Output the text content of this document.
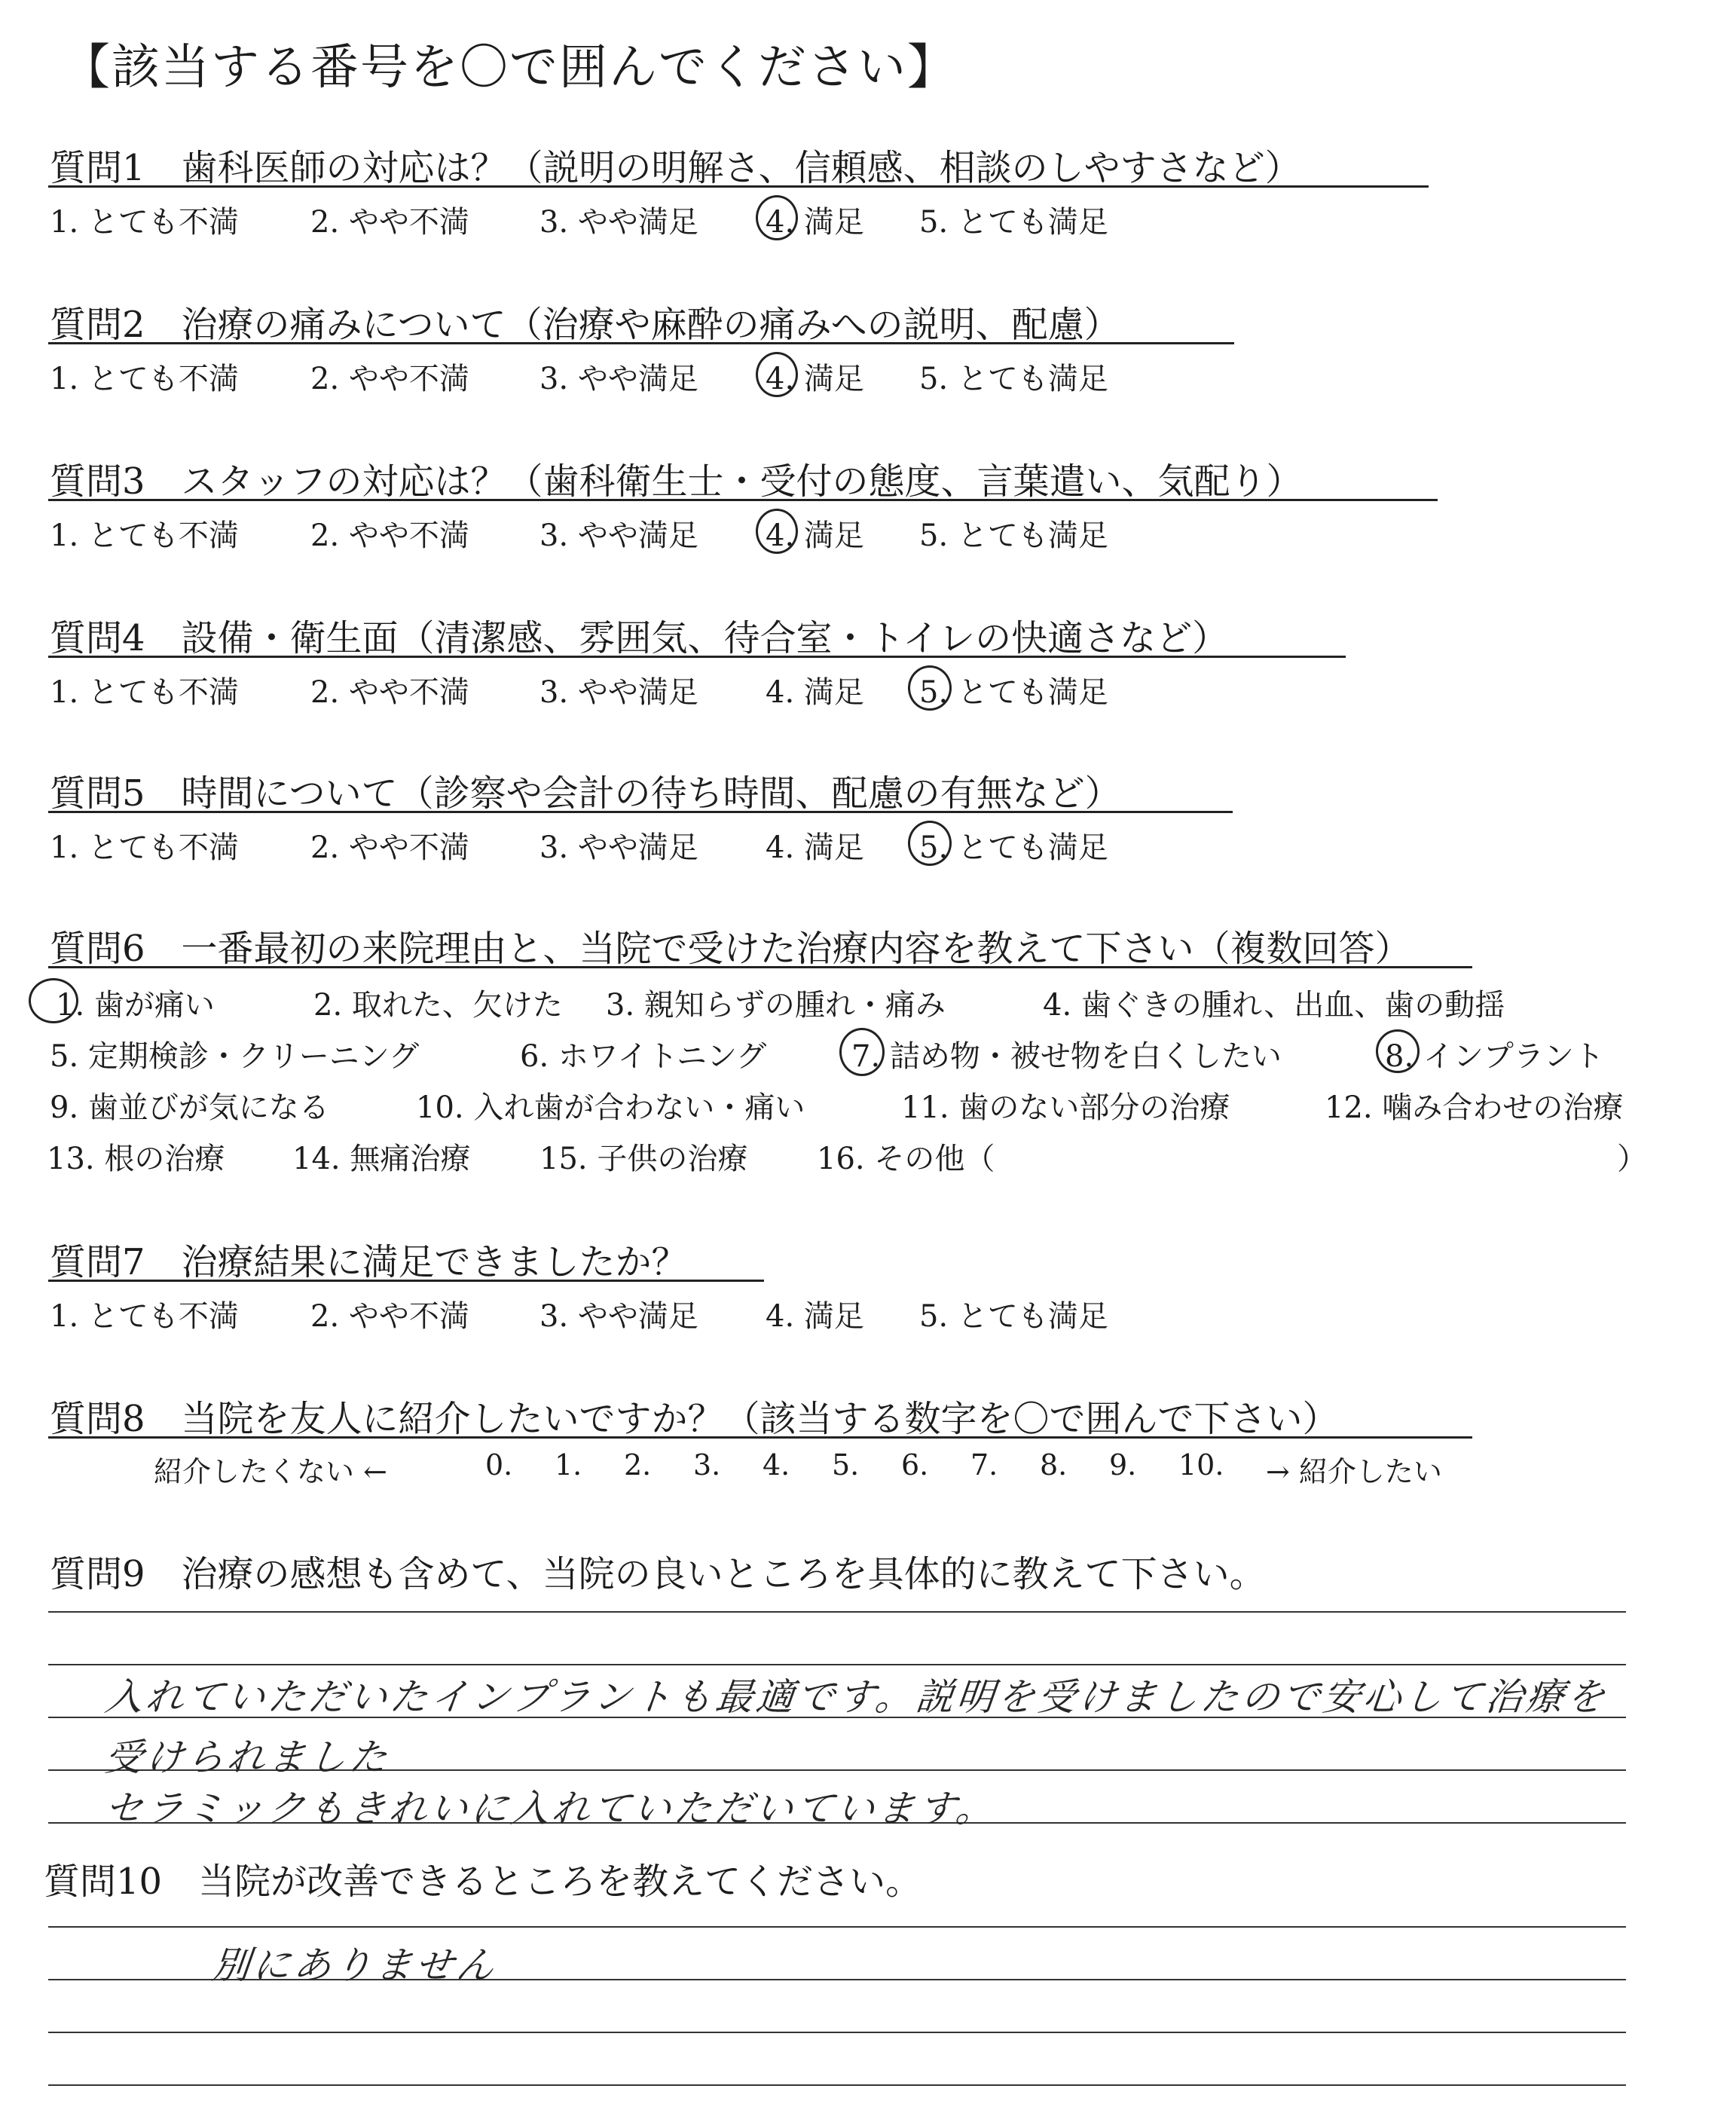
【該当する番号を〇で囲んでください】
質問1　歯科医師の対応は？（説明の明解さ、信頼感、相談のしやすさなど）
1. とても不満 2. やや不満 3. やや満足 4. 満足 5. とても満足
質問2　治療の痛みについて（治療や麻酔の痛みへの説明、配慮）
1. とても不満 2. やや不満 3. やや満足 4. 満足 5. とても満足
質問3　スタッフの対応は？（歯科衛生士・受付の態度、言葉遣い、気配り）
1. とても不満 2. やや不満 3. やや満足 4. 満足 5. とても満足
質問4　設備・衛生面（清潔感、雰囲気、待合室・トイレの快適さなど）
1. とても不満 2. やや不満 3. やや満足 4. 満足 5. とても満足
質問5　時間について（診察や会計の待ち時間、配慮の有無など）
1. とても不満 2. やや不満 3. やや満足 4. 満足 5. とても満足
質問6　一番最初の来院理由と、当院で受けた治療内容を教えて下さい（複数回答）
1. 歯が痛い	2. 取れた、欠けた 3. 親知らずの腫れ・痛み	4. 歯ぐきの腫れ、出血、歯の動揺
5. 定期検診・クリーニング	6. ホワイトニング	7. 詰め物・被せ物を白くしたい	8. インプラント
9. 歯並びが気になる	10. 入れ歯が合わない・痛い	11. 歯のない部分の治療	12. 噛み合わせの治療
13. 根の治療 14. 無痛治療 15. 子供の治療 16. その他（	）
質問7　治療結果に満足できましたか？
1. とても不満 2. やや不満 3. やや満足 4. 満足 5. とても満足
質問8　当院を友人に紹介したいですか？（該当する数字を〇で囲んで下さい）
紹介したくない ←	0. 1. 2. 3. 4. 5. 6. 7. 8. 9. 10. → 紹介したい
質問9　治療の感想も含めて、当院の良いところを具体的に教えて下さい。
入れていただいたインプラントも最適です。説明を受けましたので安心して治療を
受けられました
セラミックもきれいに入れていただいています。
質問10　当院が改善できるところを教えてください。
別にありません
